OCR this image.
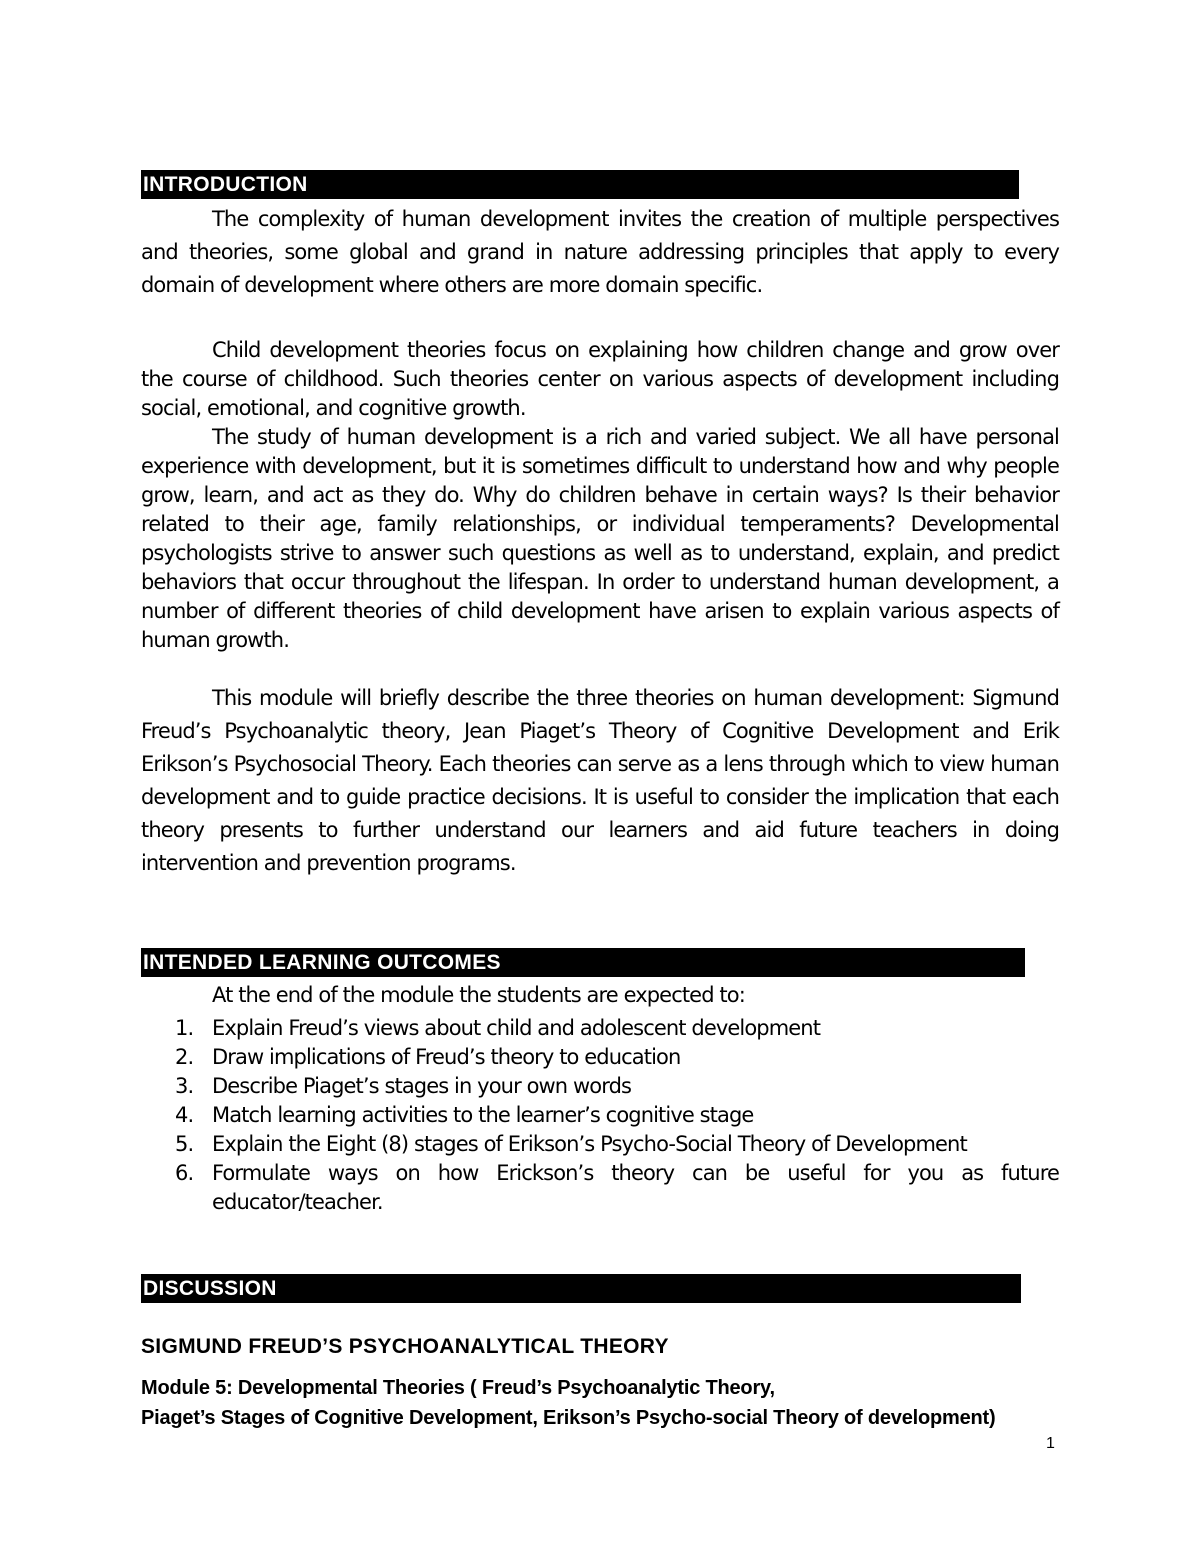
INTRODUCTION

The complexity of human development invites the creation of multiple perspectives and theories, some global and grand in nature addressing principles that apply to every domain of development where others are more domain specific.

Child development theories focus on explaining how children change and grow over the course of childhood. Such theories center on various aspects of development including social, emotional, and cognitive growth.

The study of human development is a rich and varied subject. We all have personal experience with development, but it is sometimes difficult to understand how and why people grow, learn, and act as they do. Why do children behave in certain ways? Is their behavior related to their age, family relationships, or individual temperaments? Developmental psychologists strive to answer such questions as well as to understand, explain, and predict behaviors that occur throughout the lifespan. In order to understand human development, a number of different theories of child development have arisen to explain various aspects of human growth.

This module will briefly describe the three theories on human development: Sigmund Freud’s Psychoanalytic theory, Jean Piaget’s Theory of Cognitive Development and Erik Erikson’s Psychosocial Theory. Each theories can serve as a lens through which to view human development and to guide practice decisions. It is useful to consider the implication that each theory presents to further understand our learners and aid future teachers in doing intervention and prevention programs.

INTENDED LEARNING OUTCOMES

At the end of the module the students are expected to:

1. Explain Freud’s views about child and adolescent development
2. Draw implications of Freud’s theory to education
3. Describe Piaget’s stages in your own words
4. Match learning activities to the learner’s cognitive stage
5. Explain the Eight (8) stages of Erikson’s Psycho-Social Theory of Development
6. Formulate ways on how Erickson’s theory can be useful for you as future educator/teacher.
DISCUSSION

SIGMUND FREUD’S PSYCHOANALYTICAL THEORY

Module 5: Developmental Theories ( Freud’s Psychoanalytic Theory,
Piaget’s Stages of Cognitive Development, Erikson’s Psycho-social Theory of development)

1
